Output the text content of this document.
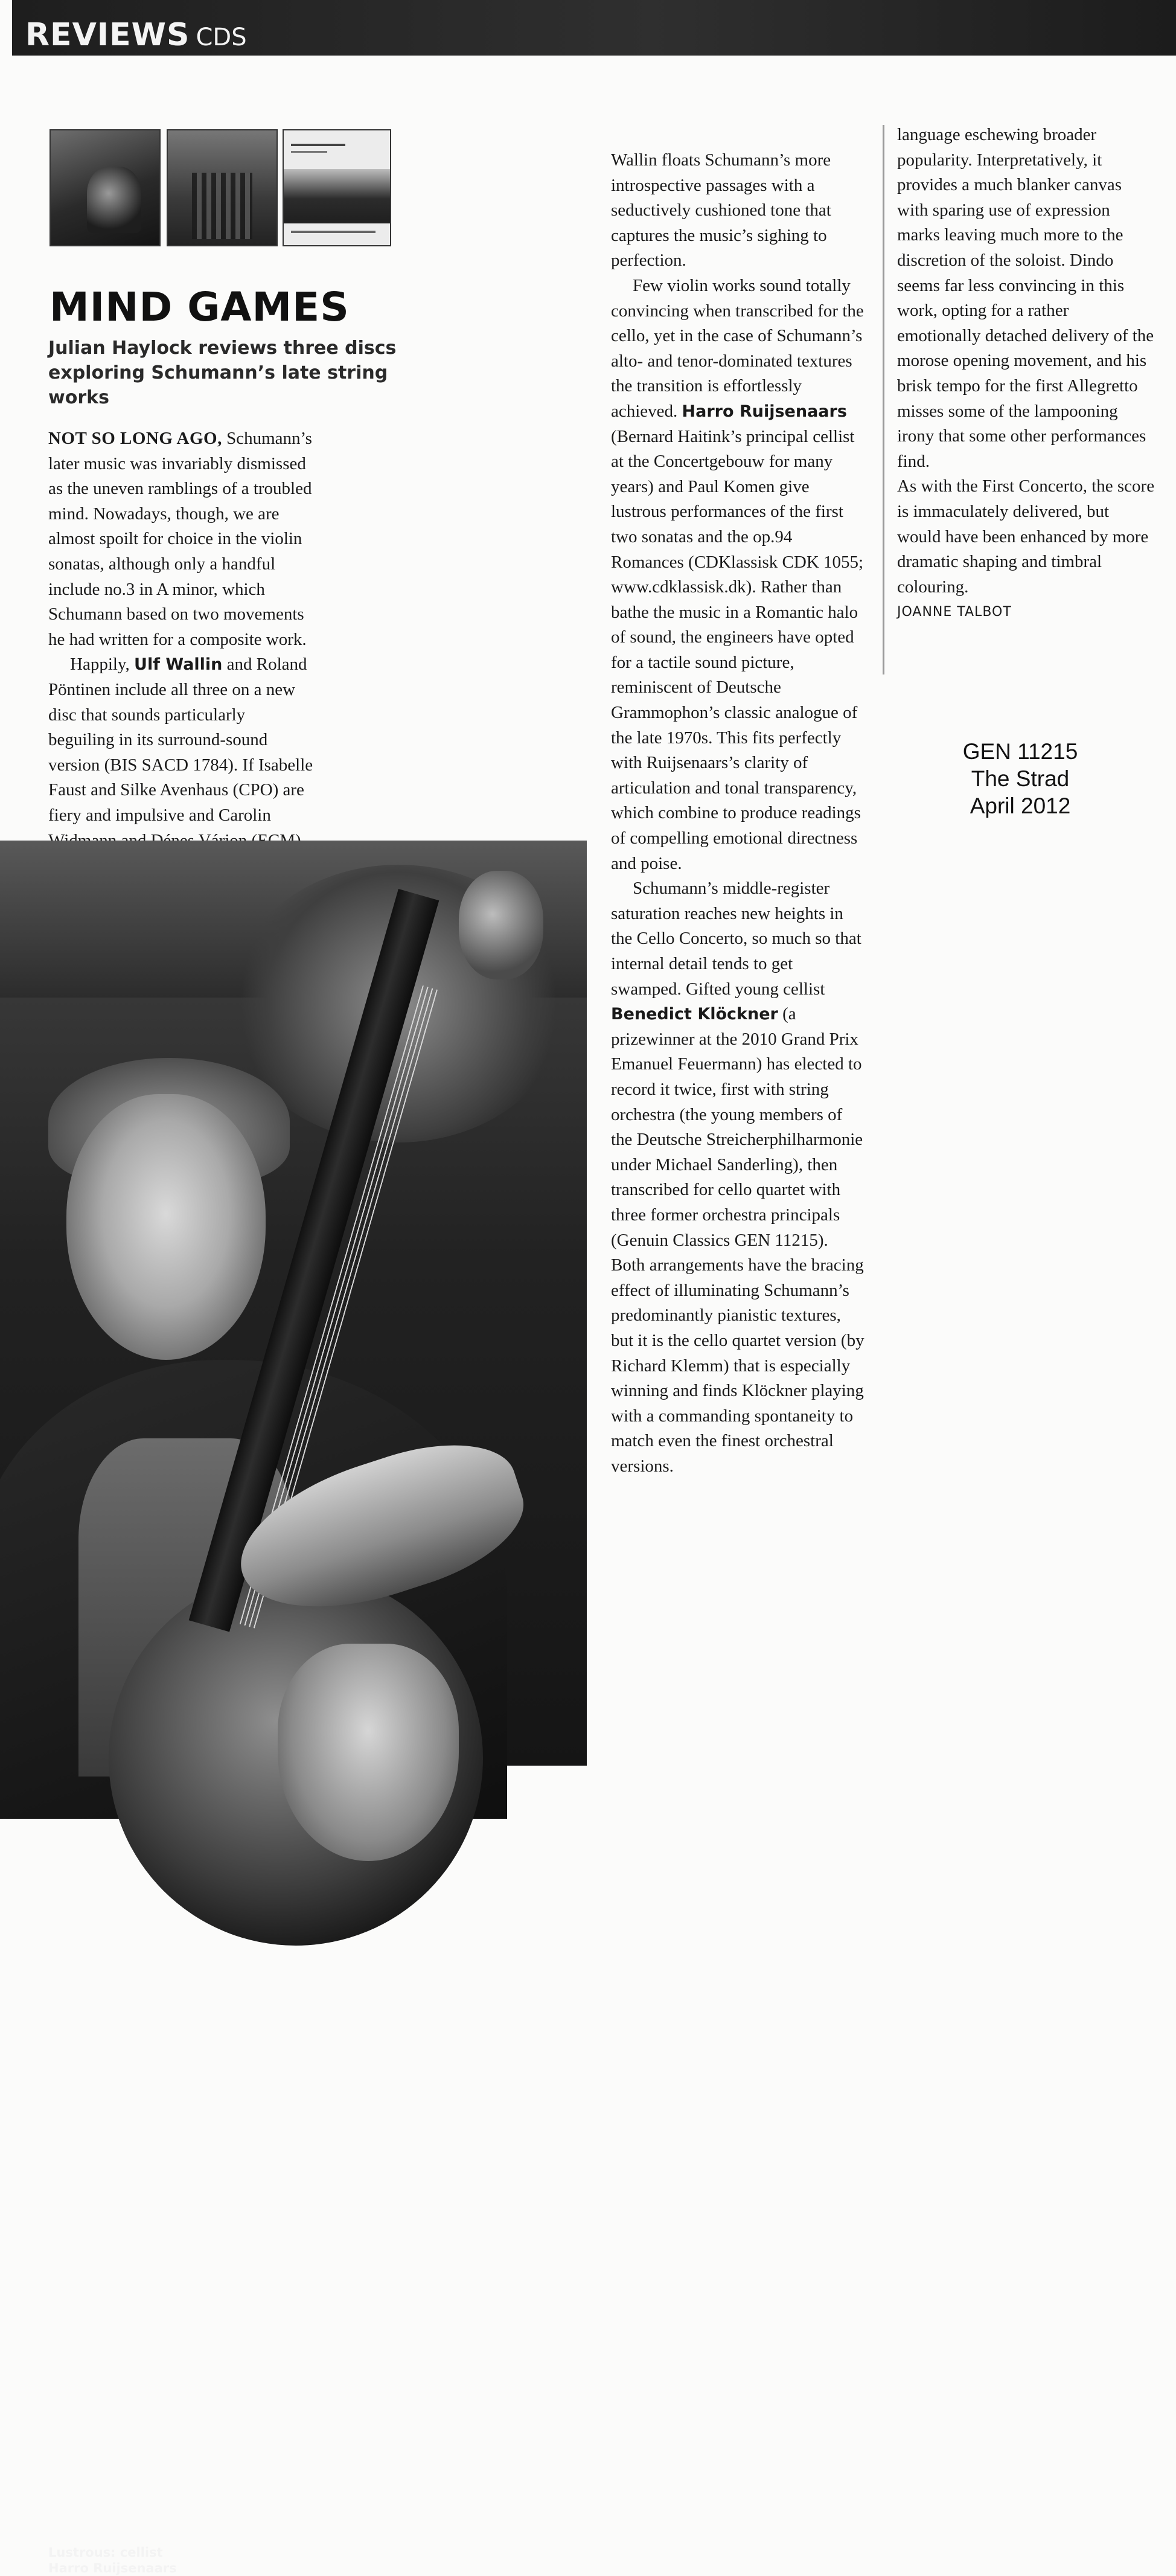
REVIEWS CDS
MIND GAMES
Julian Haylock reviews three discs exploring Schumann’s late string works

NOT SO LONG AGO, Schumann’s later music was invariably dismissed as the uneven ramblings of a troubled mind. Nowadays, though, we are almost spoilt for choice in the violin sonatas, although only a handful include no.3 in A minor, which Schumann based on two movements he had written for a composite work.

Happily, Ulf Wallin and Roland Pöntinen include all three on a new disc that sounds particularly beguiling in its surround-sound version (BIS SACD 1784). If Isabelle Faust and Silke Avenhaus (CPO) are fiery and impulsive and Carolin

Wallin floats Schumann’s more introspective passages with a seductively cushioned tone that captures the music’s sighing to perfection.

Few violin works sound totally convincing when transcribed for the cello, yet in the case of Schumann’s alto- and tenor-dominated textures the transition is effortlessly achieved. Harro Ruijsenaars (Bernard Haitink’s principal cellist at the Concertgebouw for many years) and Paul Komen give lustrous performances of the first two sonatas and the op.94 Romances (CDKlassisk CDK 1055; www.cdklassisk.dk). Rather than bathe the music in a Romantic halo of sound, the engineers have opted for a tactile sound picture, reminiscent of Deutsche Grammophon’s classic analogue of the late 1970s. This fits perfectly with Ruijsenaars’s clarity of articulation and tonal transparency, which combine to produce readings of compelling emotional directness and poise.

Schumann’s middle-register saturation reaches new heights in the Cello Concerto, so much so that internal detail tends to get swamped. Gifted young cellist Benedict Klöckner (a prizewinner at the 2010 Grand Prix Emanuel Feuermann) has elected to record it twice, first with string orchestra (the young members of the Deutsche Streicherphilharmonie under Michael Sanderling), then transcribed for cello quartet with three former orchestra principals (Genuin Classics GEN 11215). Both arrangements have the bracing effect of illuminating Schumann’s predominantly pianistic textures, but it is the cello quartet version (by Richard Klemm) that is especially winning and finds Klöckner playing with a commanding spontaneity to match even the finest orchestral versions.

language eschewing broader popularity. Interpretatively, it provides a much blanker canvas with sparing use of expression marks leaving much more to the discretion of the soloist. Dindo seems far less convincing in this work, opting for a rather emotionally detached delivery of the morose opening movement, and his brisk tempo for the first Allegretto misses some of the lampooning irony that some other performances find.

As with the First Concerto, the score is immaculately delivered, but would have been enhanced by more dramatic shaping and timbral colouring.

JOANNE TALBOT

GEN 11215
The Strad
April 2012
Lustrous: cellist
Harro Ruijsenaars
